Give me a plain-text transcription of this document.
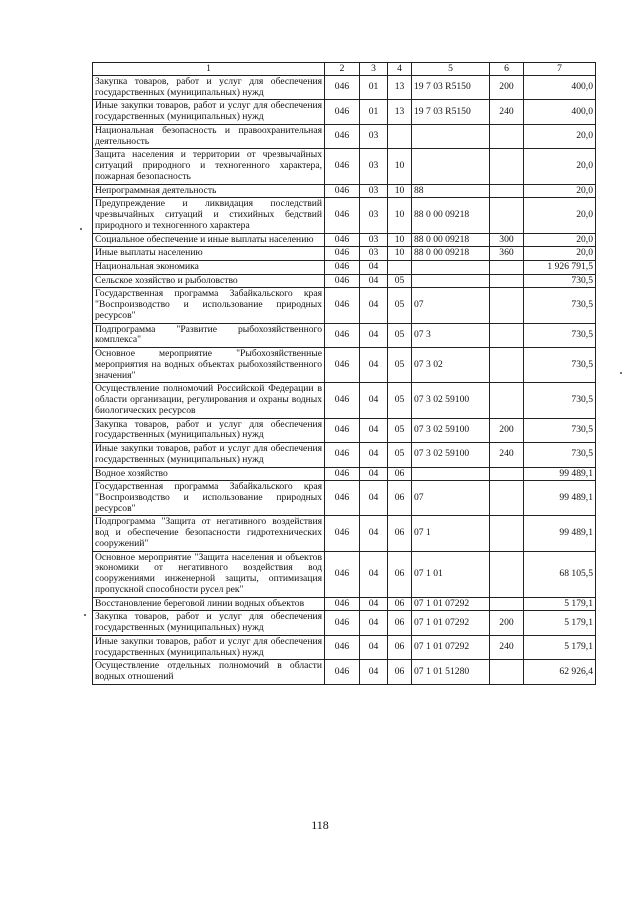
1	2	3	4	5	6	7
Закупка товаров, работ и услуг для обеспечения государственных (муниципальных) нужд	046	01	13	19 7 03 R5150	200	400,0
Иные закупки товаров, работ и услуг для обеспечения государственных (муниципальных) нужд	046	01	13	19 7 03 R5150	240	400,0
Национальная безопасность и правоохранительная деятельность	046	03				20,0
Защита населения и территории от чрезвычайных ситуаций природного и техногенного характера, пожарная безопасность	046	03	10			20,0
Непрограммная деятельность	046	03	10	88		20,0
Предупреждение и ликвидация последствий чрезвычайных ситуаций и стихийных бедствий природного и техногенного характера	046	03	10	88 0 00 09218		20,0
Социальное обеспечение и иные выплаты населению	046	03	10	88 0 00 09218	300	20,0
Иные выплаты населению	046	03	10	88 0 00 09218	360	20,0
Национальная экономика	046	04				1 926 791,5
Сельское хозяйство и рыболовство	046	04	05			730,5
Государственная программа Забайкальского края "Воспроизводство и использование природных ресурсов"	046	04	05	07		730,5
Подпрограмма "Развитие рыбохозяйственного комплекса"	046	04	05	07 3		730,5
Основное мероприятие "Рыбохозяйственные мероприятия на водных объектах рыбохозяйственного значения"	046	04	05	07 3 02		730,5
Осуществление полномочий Российской Федерации в области организации, регулирования и охраны водных биологических ресурсов	046	04	05	07 3 02 59100		730,5
Закупка товаров, работ и услуг для обеспечения государственных (муниципальных) нужд	046	04	05	07 3 02 59100	200	730,5
Иные закупки товаров, работ и услуг для обеспечения государственных (муниципальных) нужд	046	04	05	07 3 02 59100	240	730,5
Водное хозяйство	046	04	06			99 489,1
Государственная программа Забайкальского края "Воспроизводство и использование природных ресурсов"	046	04	06	07		99 489,1
Подпрограмма "Защита от негативного воздействия вод и обеспечение безопасности гидротехнических сооружений"	046	04	06	07 1		99 489,1
Основное мероприятие "Защита населения и объектов экономики от негативного воздействия вод сооружениями инженерной защиты, оптимизация пропускной способности русел рек"	046	04	06	07 1 01		68 105,5
Восстановление береговой линии водных объектов	046	04	06	07 1 01 07292		5 179,1
Закупка товаров, работ и услуг для обеспечения государственных (муниципальных) нужд	046	04	06	07 1 01 07292	200	5 179,1
Иные закупки товаров, работ и услуг для обеспечения государственных (муниципальных) нужд	046	04	06	07 1 01 07292	240	5 179,1
Осуществление отдельных полномочий в области водных отношений	046	04	06	07 1 01 51280		62 926,4
118
